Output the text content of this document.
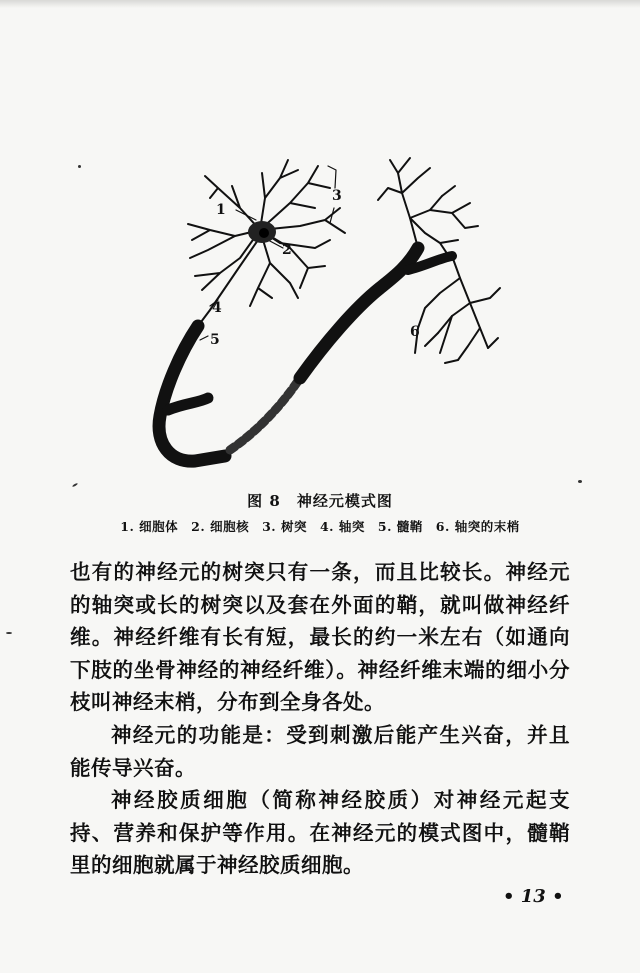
1
2
3
4
5	6
图 8　神经元模式图
1. 细胞体　2. 细胞核　3. 树突　4. 轴突　5. 髓鞘　6. 轴突的末梢

也有的神经元的树突只有一条，而且比较长。神经元的轴突或长的树突以及套在外面的鞘，就叫做神经纤维。神经纤维有长有短，最长的约一米左右（如通向下肢的坐骨神经的神经纤维）。神经纤维末端的细小分枝叫神经末梢，分布到全身各处。

神经元的功能是：受到刺激后能产生兴奋，并且能传导兴奋。

神经胶质细胞（简称神经胶质）对神经元起支持、营养和保护等作用。在神经元的模式图中，髓鞘里的细胞就属于神经胶质细胞。

• 13 •
